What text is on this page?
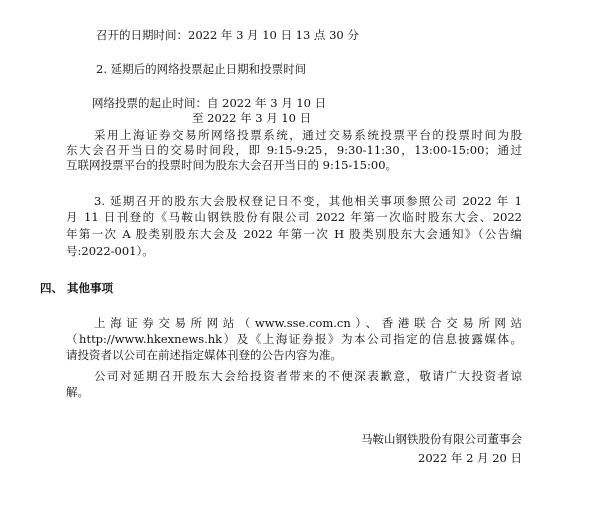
召开的日期时间：2022 年 3 月 10 日 13 点 30 分
2. 延期后的网络投票起止日期和投票时间
网络投票的起止时间：自 2022 年 3 月 10 日
至 2022 年 3 月 10 日
采用上海证券交易所网络投票系统，通过交易系统投票平台的投票时间为股
东大会召开当日的交易时间段，即 9:15-9:25，9:30-11:30，13:00-15:00；通过
互联网投票平台的投票时间为股东大会召开当日的 9:15-15:00。
3. 延期召开的股东大会股权登记日不变，其他相关事项参照公司 2022 年 1
月 11 日刊登的《马鞍山钢铁股份有限公司 2022 年第一次临时股东大会、2022
年第一次 A 股类别股东大会及 2022 年第一次 H 股类别股东大会通知》（公告编
号:2022-001）。
四、 其他事项
上海证券交易所网站（www.sse.com.cn）、香港联合交易所网站
（http://www.hkexnews.hk）及《上海证券报》为本公司指定的信息披露媒体。
请投资者以公司在前述指定媒体刊登的公告内容为准。
公司对延期召开股东大会给投资者带来的不便深表歉意，敬请广大投资者谅
解。
马鞍山钢铁股份有限公司董事会
2022 年 2 月 20 日
